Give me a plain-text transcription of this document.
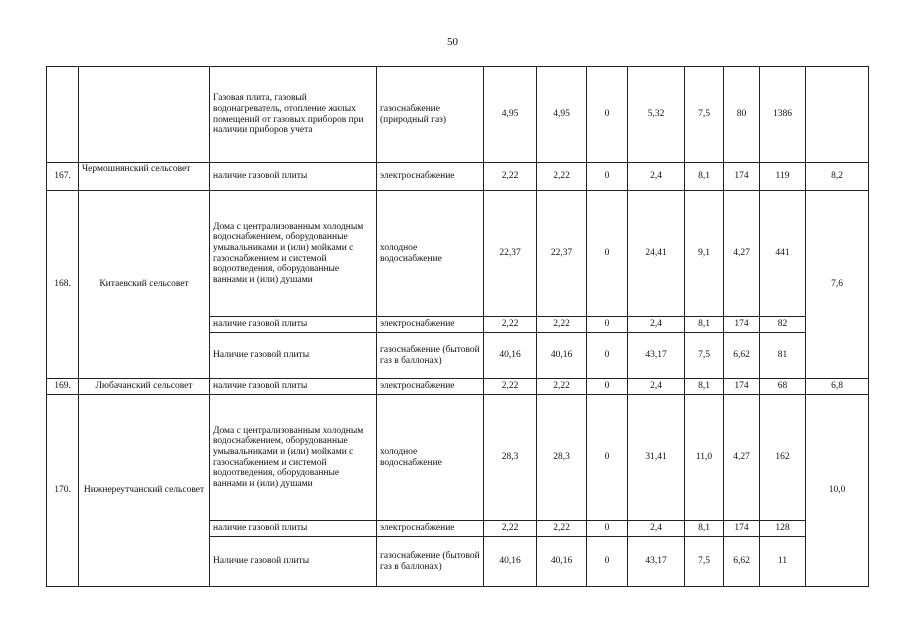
50
		Газовая плита, газовый водонагреватель, отопление жилых помещений от газовых приборов при наличии приборов учета	газоснабжение (природный газ)	4,95	4,95	0	5,32	7,5	80	1386	
167.	Чермошнянский сельсовет	наличие газовой плиты	электроснабжение	2,22	2,22	0	2,4	8,1	174	119	8,2
168.	Китаевский сельсовет	Дома с централизованным холодным водоснабжением, оборудованные умывальниками и (или) мойками с газоснабжением и системой водоотведения, оборудованные ваннами и (или) душами	холодное водоснабжение	22,37	22,37	0	24,41	9,1	4,27	441	7,6
		наличие газовой плиты	электроснабжение	2,22	2,22	0	2,4	8,1	174	82	
		Наличие газовой плиты	газоснабжение (бытовой газ в баллонах)	40,16	40,16	0	43,17	7,5	6,62	81	
169.	Любачанский сельсовет	наличие газовой плиты	электроснабжение	2,22	2,22	0	2,4	8,1	174	68	6,8
170.	Нижнереутчанский сельсовет	Дома с централизованным холодным водоснабжением, оборудованные умывальниками и (или) мойками с газоснабжением и системой водоотведения, оборудованные ваннами и (или) душами	холодное водоснабжение	28,3	28,3	0	31,41	11,0	4,27	162	10,0
		наличие газовой плиты	электроснабжение	2,22	2,22	0	2,4	8,1	174	128	
		Наличие газовой плиты	газоснабжение (бытовой газ в баллонах)	40,16	40,16	0	43,17	7,5	6,62	11	
